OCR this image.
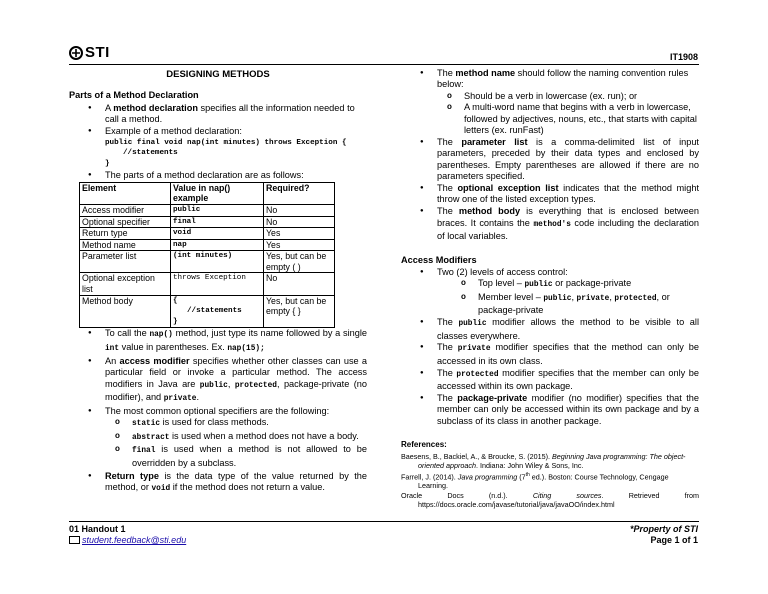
STI	IT1908
DESIGNING METHODS
Parts of a Method Declaration
● A method declaration specifies all the information needed to call a method.
● Example of a method declaration:
public final void nap(int minutes) throws Exception {
//statements
}
● The parts of a method declaration are as follows:
Element	Value in nap() example	Required?
Access modifier	public	No
Optional specifier	final	No
Return type	void	Yes
Method name	nap	Yes
Parameter list	(int minutes)	Yes, but can be empty ( )
Optional exception list	throws Exception	No
Method body	{
//statements
}	Yes, but can be empty { }
● To call the nap() method, just type its name followed by a single int value in parentheses. Ex. nap(15);
● An access modifier specifies whether other classes can use a particular field or invoke a particular method. The access modifiers in Java are public, protected, package-private (no modifier), and private.
● The most common optional specifiers are the following:
o static is used for class methods.
o abstract is used when a method does not have a body.
o final is used when a method is not allowed to be overridden by a subclass.
● Return type is the data type of the value returned by the method, or void if the method does not return a value.
● The method name should follow the naming convention rules below:
o Should be a verb in lowercase (ex. run); or
o A multi-word name that begins with a verb in lowercase, followed by adjectives, nouns, etc., that starts with capital letters (ex. runFast)
● The parameter list is a comma-delimited list of input parameters, preceded by their data types and enclosed by parentheses. Empty parentheses are allowed if there are no parameters specified.
● The optional exception list indicates that the method might throw one of the listed exception types.
● The method body is everything that is enclosed between braces. It contains the method's code including the declaration of local variables.
Access Modifiers
● Two (2) levels of access control:
o Top level – public or package-private
o Member level – public, private, protected, or package-private
● The public modifier allows the method to be visible to all classes everywhere.
● The private modifier specifies that the method can only be accessed in its own class.
● The protected modifier specifies that the member can only be accessed within its own package.
● The package-private modifier (no modifier) specifies that the member can only be accessed within its own package and by a subclass of its class in another package.
References:
Baesens, B., Backiel, A., & Broucke, S. (2015). Beginning Java programming: The object-oriented approach. Indiana: John Wiley & Sons, Inc.
Farrell, J. (2014). Java programming (7th ed.). Boston: Course Technology, Cengage Learning.
Oracle Docs (n.d.). Citing sources. Retrieved from https://docs.oracle.com/javase/tutorial/java/javaOO/index.html
01 Handout 1
student.feedback@sti.edu
*Property of STI
Page 1 of 1
